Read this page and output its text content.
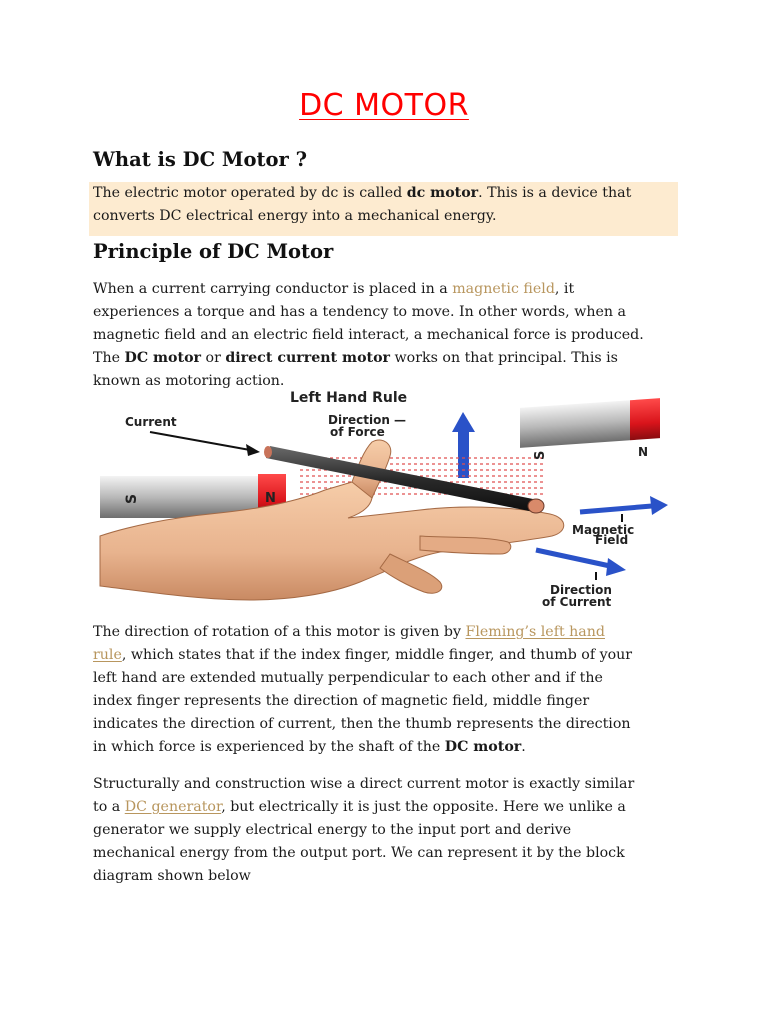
DC MOTOR
What is DC Motor ?
The electric motor operated by dc is called dc motor. This is a device that
converts DC electrical energy into a mechanical energy.
Principle of DC Motor
When a current carrying conductor is placed in a magnetic field, it
experiences a torque and has a tendency to move. In other words, when a
magnetic field and an electric field interact, a mechanical force is produced.
The DC motor or direct current motor works on that principal. This is
known as motoring action.
Left Hand Rule
Direction —
of Force
Current
S	N
S	N
Magnetic
Field
Direction
of Current
The direction of rotation of a this motor is given by Fleming’s left hand
rule, which states that if the index finger, middle finger, and thumb of your
left hand are extended mutually perpendicular to each other and if the
index finger represents the direction of magnetic field, middle finger
indicates the direction of current, then the thumb represents the direction
in which force is experienced by the shaft of the DC motor.
Structurally and construction wise a direct current motor is exactly similar
to a DC generator, but electrically it is just the opposite. Here we unlike a
generator we supply electrical energy to the input port and derive
mechanical energy from the output port. We can represent it by the block
diagram shown below
